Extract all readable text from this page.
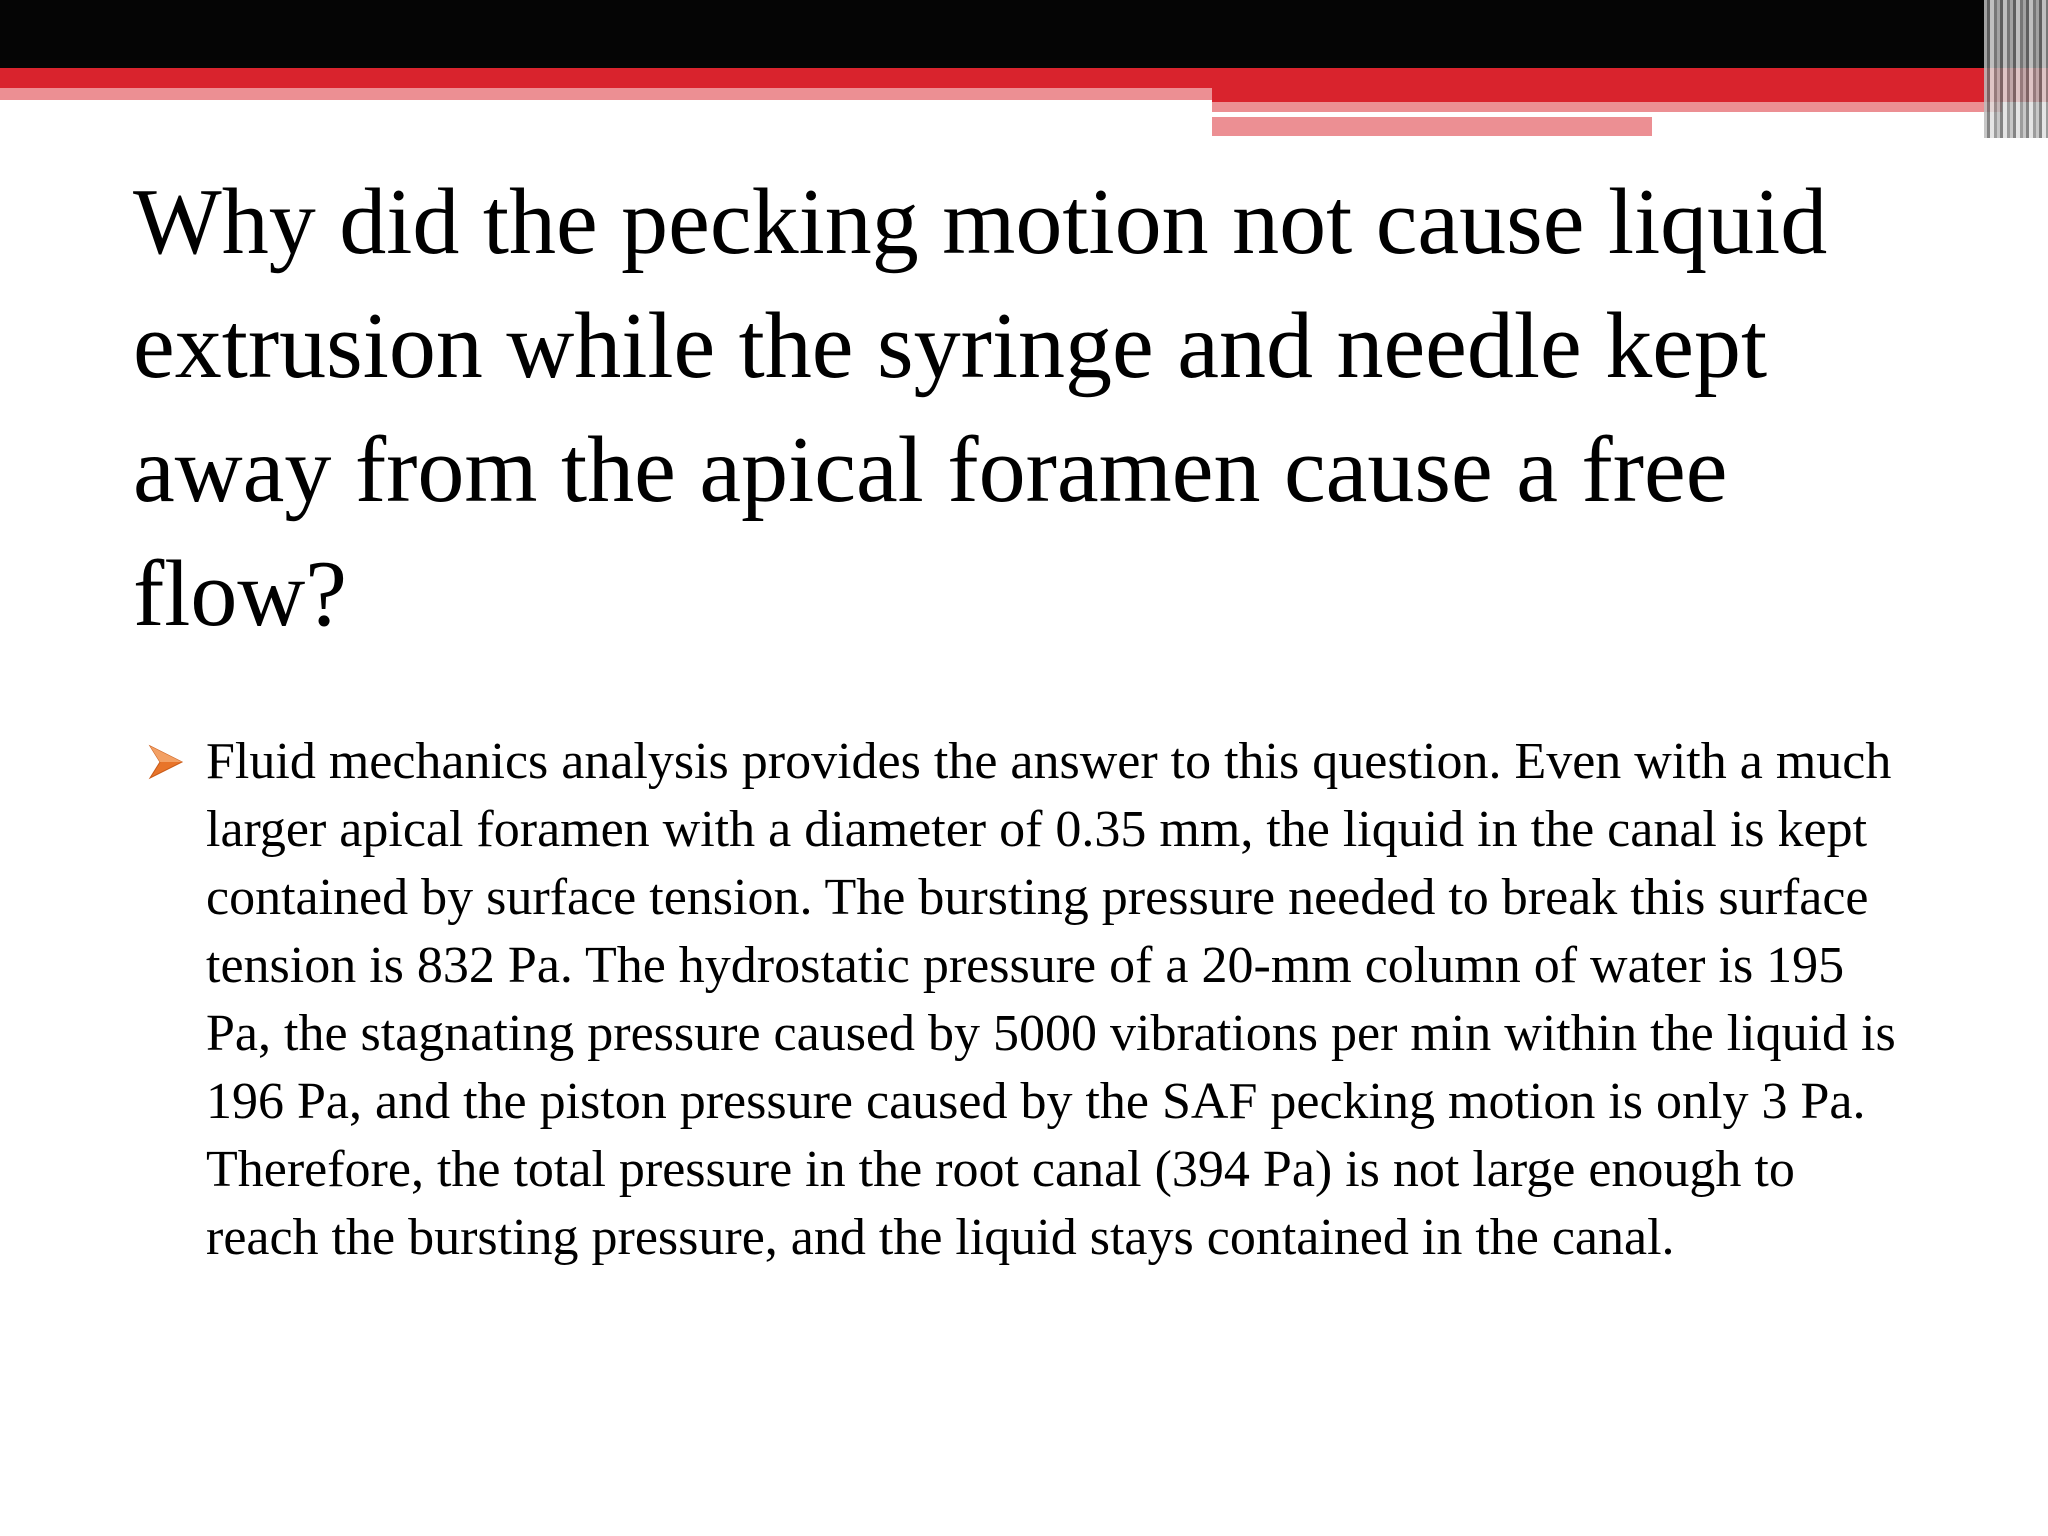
Why did the pecking motion not cause liquid extrusion while the syringe and needle kept away from the apical foramen cause a free flow?

Fluid mechanics analysis provides the answer to this question. Even with a much larger apical foramen with a diameter of 0.35 mm, the liquid in the canal is kept contained by surface tension. The bursting pressure needed to break this surface tension is 832 Pa. The hydrostatic pressure of a 20-mm column of water is 195 Pa, the stagnating pressure caused by 5000 vibrations per min within the liquid is 196 Pa, and the piston pressure caused by the SAF pecking motion is only 3 Pa. Therefore, the total pressure in the root canal (394 Pa) is not large enough to reach the bursting pressure, and the liquid stays contained in the canal.
